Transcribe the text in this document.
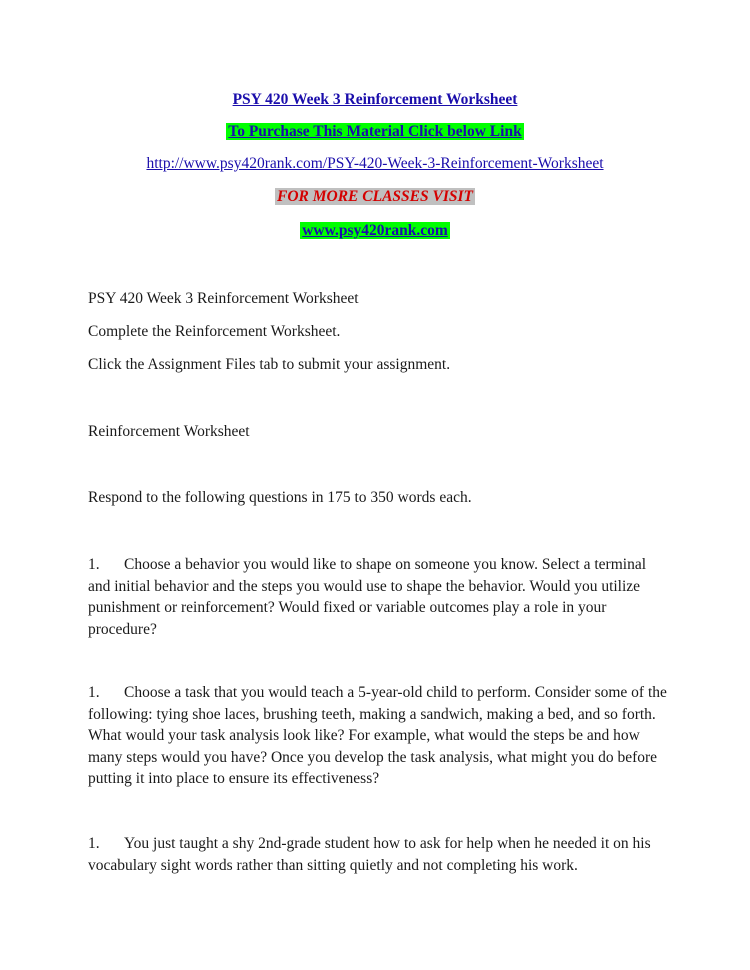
PSY 420 Week 3 Reinforcement Worksheet
To Purchase This Material Click below Link
http://www.psy420rank.com/PSY-420-Week-3-Reinforcement-Worksheet
FOR MORE CLASSES VISIT
www.psy420rank.com

PSY 420 Week 3 Reinforcement Worksheet

Complete the Reinforcement Worksheet.

Click the Assignment Files tab to submit your assignment.

Reinforcement Worksheet

Respond to the following questions in 175 to 350 words each.

1. Choose a behavior you would like to shape on someone you know. Select a terminal and initial behavior and the steps you would use to shape the behavior. Would you utilize punishment or reinforcement? Would fixed or variable outcomes play a role in your procedure?

1. Choose a task that you would teach a 5-year-old child to perform. Consider some of the following: tying shoe laces, brushing teeth, making a sandwich, making a bed, and so forth. What would your task analysis look like? For example, what would the steps be and how many steps would you have? Once you develop the task analysis, what might you do before putting it into place to ensure its effectiveness?

1. You just taught a shy 2nd-grade student how to ask for help when he needed it on his vocabulary sight words rather than sitting quietly and not completing his work.
